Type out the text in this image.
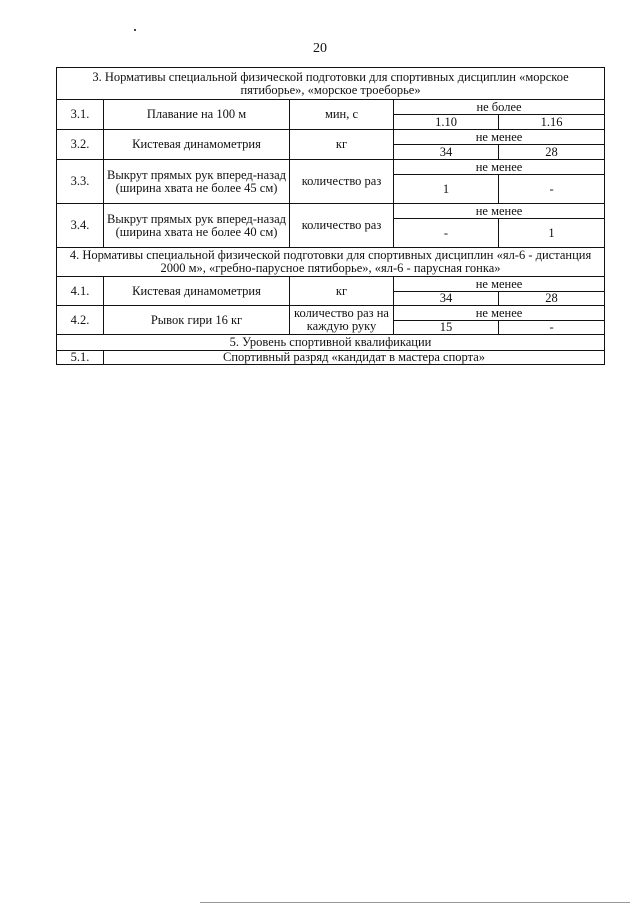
20
3. Нормативы специальной физической подготовки для спортивных дисциплин «морское пятиборье», «морское троеборье»				
3.1.	Плавание на 100 м	мин, с	не более	
			1.10	1.16
3.2.	Кистевая динамометрия	кг	не менее	
			34	28
3.3.	Выкрут прямых рук вперед-назад (ширина хвата не более 45 см)	количество раз	не менее	
			1	-
3.4.	Выкрут прямых рук вперед-назад (ширина хвата не более 40 см)	количество раз	не менее	
			-	1
4. Нормативы специальной физической подготовки для спортивных дисциплин «ял-6 - дистанция 2000 м», «гребно-парусное пятиборье», «ял-6 - парусная гонка»				
4.1.	Кистевая динамометрия	кг	не менее	
			34	28
4.2.	Рывок гири 16 кг	количество раз на каждую руку	не менее	
			15	-
5. Уровень спортивной квалификации				
5.1.	Спортивный разряд «кандидат в мастера спорта»			
